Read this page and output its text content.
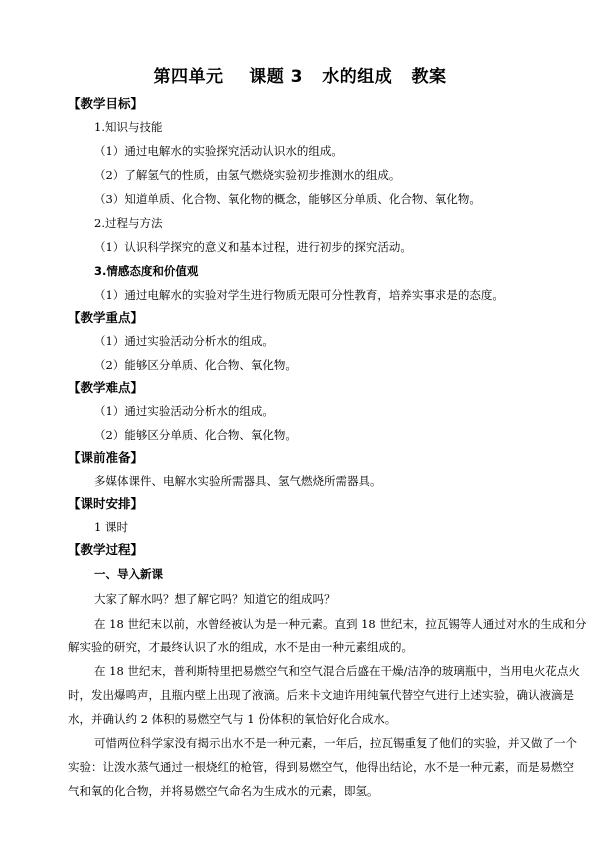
第四单元    课题 3   水的组成   教案
【教学目标】
1.知识与技能
（1）通过电解水的实验探究活动认识水的组成。
（2）了解氢气的性质，由氢气燃烧实验初步推测水的组成。
（3）知道单质、化合物、氧化物的概念，能够区分单质、化合物、氧化物。
2.过程与方法
（1）认识科学探究的意义和基本过程，进行初步的探究活动。
3.情感态度和价值观
（1）通过电解水的实验对学生进行物质无限可分性教育，培养实事求是的态度。
【教学重点】
（1）通过实验活动分析水的组成。
（2）能够区分单质、化合物、氧化物。
【教学难点】
（1）通过实验活动分析水的组成。
（2）能够区分单质、化合物、氧化物。
【课前准备】
多媒体课件、电解水实验所需器具、氢气燃烧所需器具。
【课时安排】
1 课时
【教学过程】
一、导入新课
大家了解水吗？想了解它吗？知道它的组成吗？
在 18 世纪末以前，水曾经被认为是一种元素。直到 18 世纪末，拉瓦锡等人通过对水的生成和分
解实验的研究，才最终认识了水的组成，水不是由一种元素组成的。
在 18 世纪末，普利斯特里把易燃空气和空气混合后盛在干燥/洁净的玻璃瓶中，当用电火花点火
时，发出爆鸣声，且瓶内壁上出现了液滴。后来卡文迪许用纯氧代替空气进行上述实验，确认液滴是
水，并确认约 2 体积的易燃空气与 1 份体积的氧恰好化合成水。
可惜两位科学家没有揭示出水不是一种元素，一年后，拉瓦锡重复了他们的实验，并又做了一个
实验：让泼水蒸气通过一根烧红的枪管，得到易燃空气，他得出结论，水不是一种元素，而是易燃空
气和氧的化合物，并将易燃空气命名为生成水的元素，即氢。
